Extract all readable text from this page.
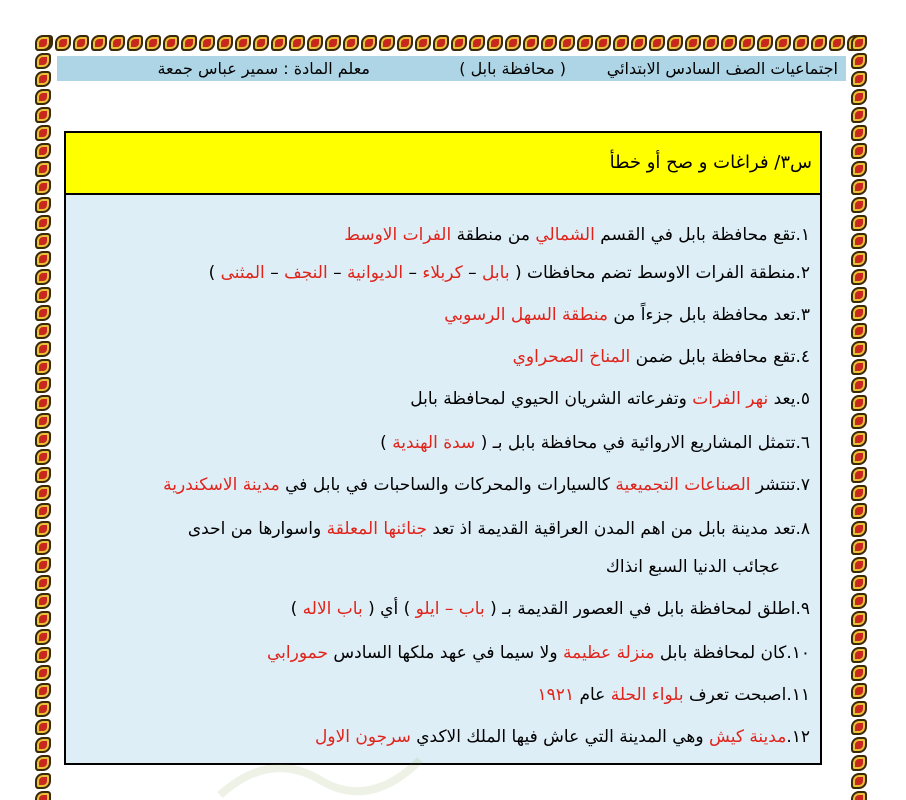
اجتماعيات الصف السادس الابتدائي
( محافظة بابل )
معلم المادة : سمير عباس جمعة
س٣/ فراغات و صح أو خطأ
١.تقع محافظة بابل في القسم الشمالي من منطقة الفرات الاوسط
٢.منطقة الفرات الاوسط تضم محافظات ( بابل – كربلاء – الديوانية – النجف – المثنى )
٣.تعد محافظة بابل جزءاً من منطقة السهل الرسوبي
٤.تقع محافظة بابل ضمن المناخ الصحراوي
٥.يعد نهر الفرات وتفرعاته الشريان الحيوي لمحافظة بابل
٦.تتمثل المشاريع الاروائية في محافظة بابل بـ ( سدة الهندية )
٧.تنتشر الصناعات التجميعية كالسيارات والمحركات والساحبات في بابل في مدينة الاسكندرية
٨.تعد مدينة بابل من اهم المدن العراقية القديمة اذ تعد جنائنها المعلقة واسوارها من احدى
عجائب الدنيا السبع انذاك
٩.اطلق لمحافظة بابل في العصور القديمة بـ ( باب – ايلو ) أي ( باب الاله )
١٠.كان لمحافظة بابل منزلة عظيمة ولا سيما في عهد ملكها السادس حمورابي
١١.اصبحت تعرف بلواء الحلة عام ١٩٢١
١٢.مدينة كيش وهي المدينة التي عاش فيها الملك الاكدي سرجون الاول
